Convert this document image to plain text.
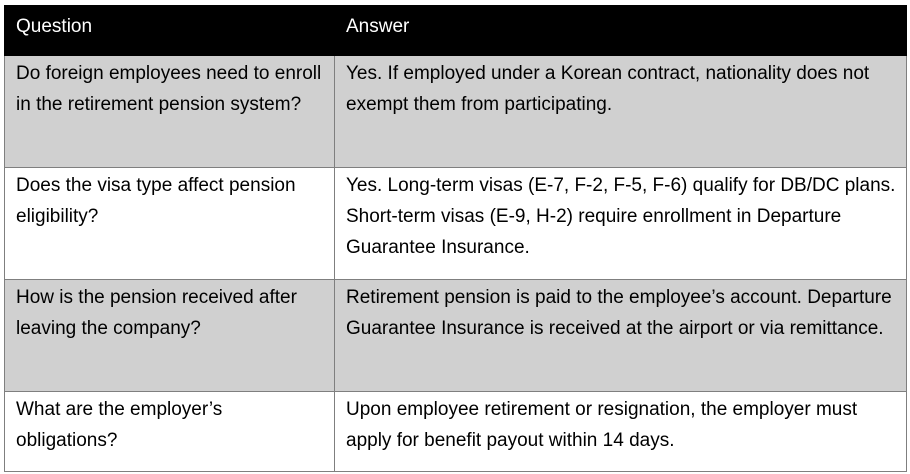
Question	Answer
Do foreign employees need to enroll in the retirement pension system?	Yes. If employed under a Korean contract, nationality does not exempt them from participating.
Does the visa type affect pension eligibility?	Yes. Long-term visas (E-7, F-2, F-5, F-6) qualify for DB/DC plans. Short-term visas (E-9, H-2) require enrollment in Departure Guarantee Insurance.
How is the pension received after leaving the company?	Retirement pension is paid to the employee’s account. Departure Guarantee Insurance is received at the airport or via remittance.
What are the employer’s obligations?	Upon employee retirement or resignation, the employer must apply for benefit payout within 14 days.
